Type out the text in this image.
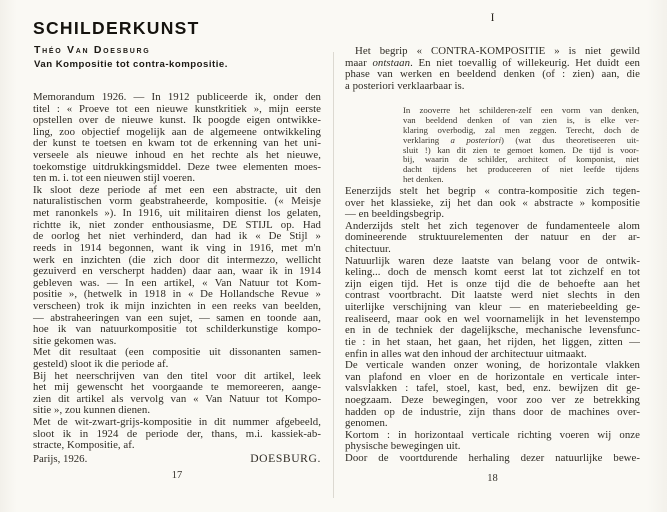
SCHILDERKUNST
Théo Van Doesburg
Van Kompositie tot contra-kompositie.
Memorandum 1926. — In 1912 publiceerde ik, onder den
titel : « Proeve tot een nieuwe kunstkritiek », mijn eerste
opstellen over de nieuwe kunst. Ik poogde eigen ontwikke-
ling, zoo objectief mogelijk aan de algemeene ontwikkeling
der kunst te toetsen en kwam tot de erkenning van het uni-
verseele als nieuwe inhoud en het rechte als het nieuwe,
toekomstige uitdrukkingsmiddel. Deze twee elementen moes-
ten m. i. tot een nieuwen stijl voeren.
Ik sloot deze periode af met een een abstracte, uit den
naturalistischen vorm geabstraheerde, kompositie. (« Meisje
met ranonkels »). In 1916, uit militairen dienst los gelaten,
richtte ik, niet zonder enthousiasme, DE STIJL op. Had
de oorlog het niet verhinderd, dan had ik « De Stijl »
reeds in 1914 begonnen, want ik ving in 1916, met m'n
werk en inzichten (die zich door dit intermezzo, wellicht
gezuiverd en verscherpt hadden) daar aan, waar ik in 1914
gebleven was. — In een artikel, « Van Natuur tot Kom-
positie », (hetwelk in 1918 in « De Hollandsche Revue »
verscheen) trok ik mijn inzichten in een reeks van beelden,
— abstraheeringen van een sujet, — samen en toonde aan,
hoe ik van natuurkompositie tot schilderkunstige kompo-
sitie gekomen was.
Met dit resultaat (een compositie uit dissonanten samen-
gesteld) sloot ik die periode af.
Bij het neerschrijven van den titel voor dit artikel, leek
het mij gewenscht het voorgaande te memoreeren, aange-
zien dit artikel als vervolg van « Van Natuur tot Kompo-
sitie », zou kunnen dienen.
Met de wit-zwart-grijs-kompositie in dit nummer afgebeeld,
sloot ik in 1924 de periode der, thans, m.i. kassiek-ab-
stracte, Kompositie, af.
Parijs, 1926.	DOESBURG.
17
I
Het begrip « CONTRA-KOMPOSITIE » is niet gewild
maar ontstaan. En niet toevallig of willekeurig. Het duidt een
phase van werken en beeldend denken (of : zien) aan, die
a posteriori verklaarbaar is.
In zooverre het schilderen-zelf een vorm van denken,
van beeldend denken of van zien is, is elke ver-
klaring overbodig, zal men zeggen. Terecht, doch de
verklaring a posteriori) (wat dus theoretiseeren uit-
sluit !) kan dit zien te gemoet komen. De tijd is voor-
bij, waarin de schilder, architect of komponist, niet
dacht tijdens het produceeren of niet leefde tijdens
het denken.
Eenerzijds stelt het begrip « contra-kompositie zich tegen-
over het klassieke, zij het dan ook « abstracte » kompositie
— en beeldingsbegrip.
Anderzijds stelt het zich tegenover de fundamenteele alom
domineerende struktuurelementen der natuur en der ar-
chitectuur.
Natuurlijk waren deze laatste van belang voor de ontwik-
keling... doch de mensch komt eerst lat tot zichzelf en tot
zijn eigen tijd. Het is onze tijd die de behoefte aan het
contrast voortbracht. Dit laatste werd niet slechts in den
uiterlijke verschijning van kleur — en materiebeelding ge-
realiseerd, maar ook en wel voornamelijk in het levenstempo
en in de techniek der dagelijksche, mechanische levensfunc-
tie : in het staan, het gaan, het rijden, het liggen, zitten —
enfin in alles wat den inhoud der architectuur uitmaakt.
De verticale wanden onzer woning, de horizontale vlakken
van plafond en vloer en de horizontale en verticale inter-
valsvlakken : tafel, stoel, kast, bed, enz. bewijzen dit ge-
noegzaam. Deze bewegingen, voor zoo ver ze betrekking
hadden op de industrie, zijn thans door de machines over-
genomen.
Kortom : in horizontaal verticale richting voeren wij onze
physische bewegingen uit.
Door de voortdurende herhaling dezer natuurlijke bewe-
18
